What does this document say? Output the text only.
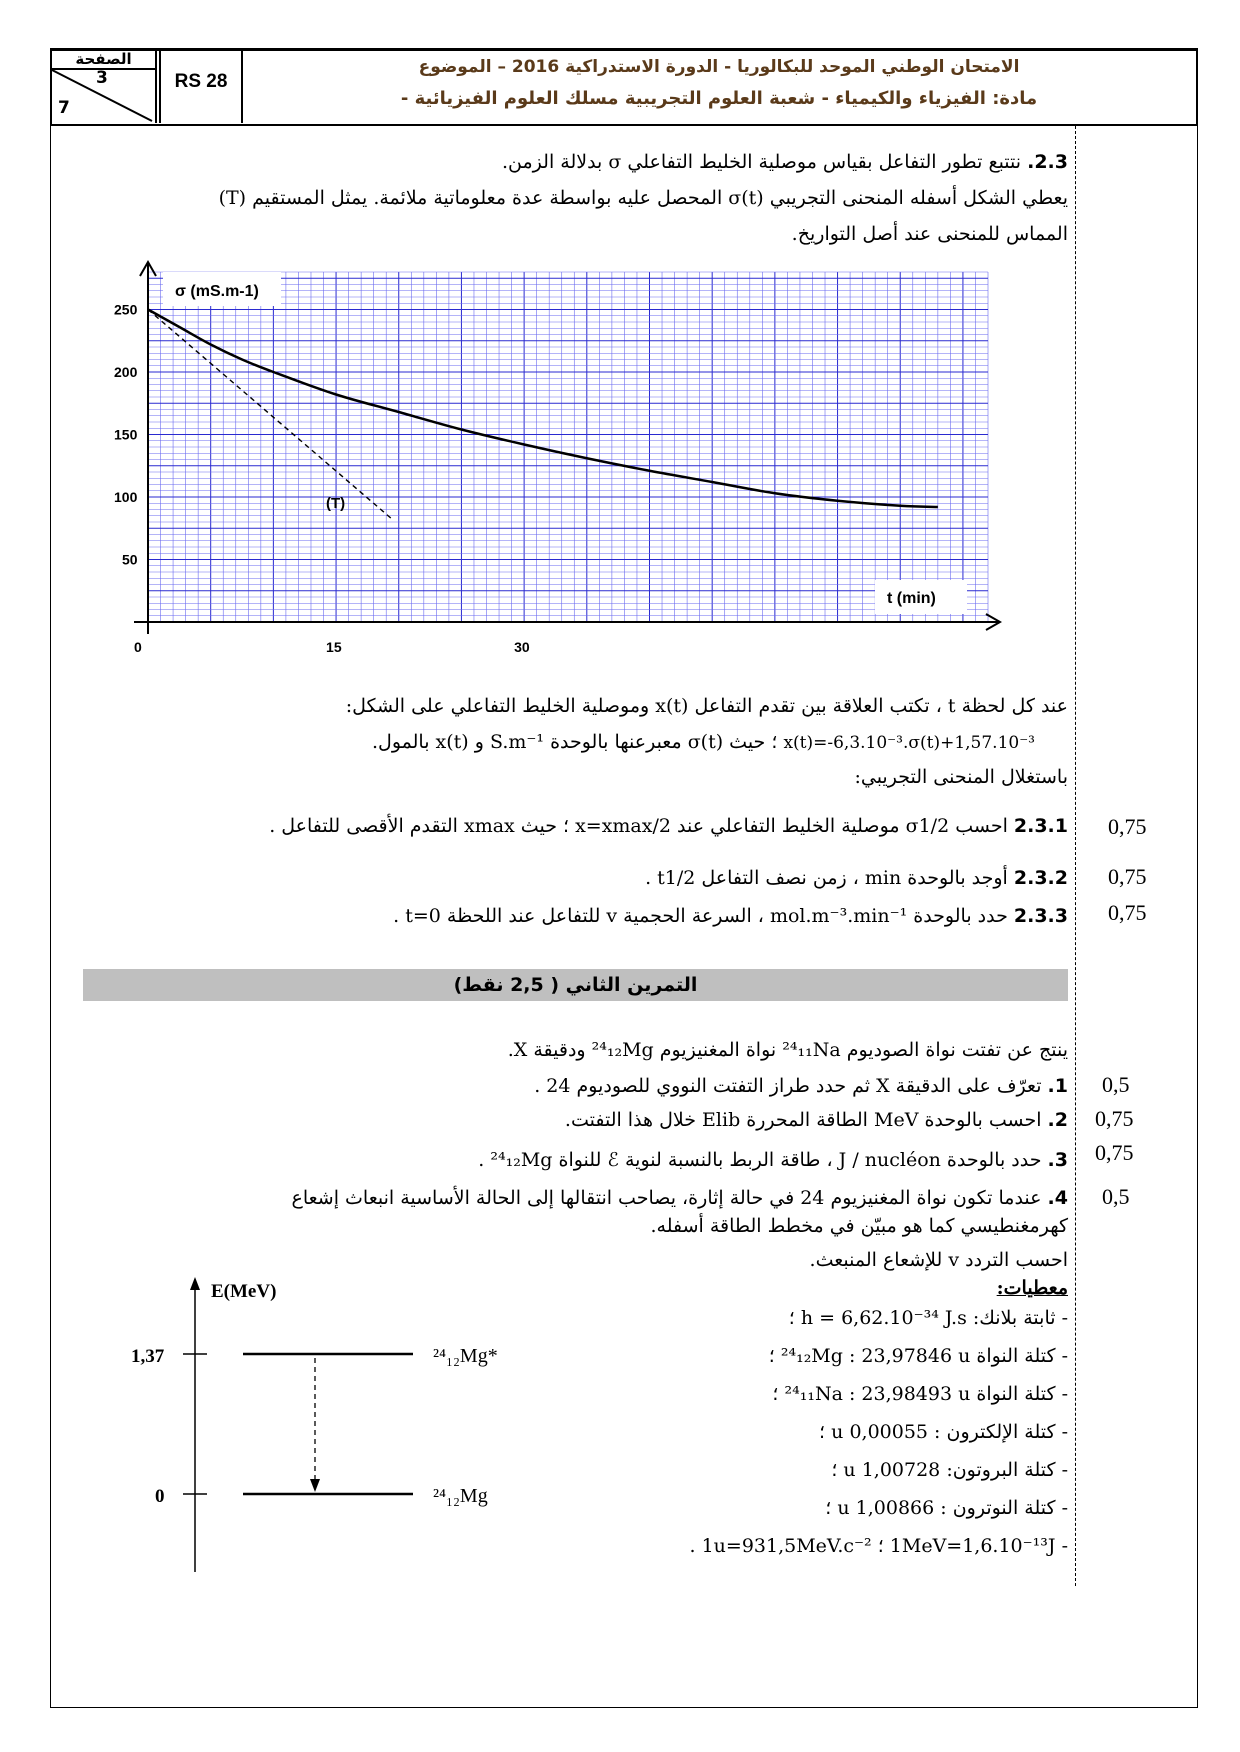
الصفحة
3
7
RS 28
الامتحان الوطني الموحد للبكالوريا - الدورة الاستدراكية 2016 – الموضوع
- مادة: الفيزياء والكيمياء - شعبة العلوم التجريبية مسلك العلوم الفيزيائية
2.3. نتتبع تطور التفاعل بقياس موصلية الخليط التفاعلي σ بدلالة الزمن.
يعطي الشكل أسفله المنحنى التجريبي σ(t) المحصل عليه بواسطة عدة معلوماتية ملائمة. يمثل المستقيم (T)
المماس للمنحنى عند أصل التواريخ.
0	15	30
50
100
150
200
250
σ (mS.m-1)
t (min)
(T)
عند كل لحظة t ، تكتب العلاقة بين تقدم التفاعل x(t) وموصلية الخليط التفاعلي على الشكل:
x(t)=-6,3.10⁻³.σ(t)+1,57.10⁻³ ؛ حيث σ(t) معبرعنها بالوحدة S.m⁻¹ و x(t) بالمول.
باستغلال المنحنى التجريبي:
2.3.1 احسب σ1/2 موصلية الخليط التفاعلي عند x=xmax/2 ؛ حيث xmax التقدم الأقصى للتفاعل .	0,75
2.3.2 أوجد بالوحدة min ، زمن نصف التفاعل t1/2 .	0,75
2.3.3 حدد بالوحدة mol.m⁻³.min⁻¹ ، السرعة الحجمية v للتفاعل عند اللحظة t=0 .	0,75
التمرين الثاني ( 2,5 نقط)
ينتج عن تفتت نواة الصوديوم ²⁴₁₁Na نواة المغنيزيوم ²⁴₁₂Mg ودقيقة X.
1. تعرّف على الدقيقة X ثم حدد طراز التفتت النووي للصوديوم 24 .	0,5
2. احسب بالوحدة MeV الطاقة المحررة Elib خلال هذا التفتت.	0,75
3. حدد بالوحدة J / nucléon ، طاقة الربط بالنسبة لنوية ℰ للنواة ²⁴₁₂Mg .	0,75
4. عندما تكون نواة المغنيزيوم 24 في حالة إثارة، يصاحب انتقالها إلى الحالة الأساسية انبعاث إشعاع	0,5
كهرمغنطيسي كما هو مبيّن في مخطط الطاقة أسفله.
احسب التردد v للإشعاع المنبعث.
معطيات:
- ثابتة بلانك: h = 6,62.10⁻³⁴ J.s ؛
- كتلة النواة ²⁴₁₂Mg : 23,97846 u ؛
- كتلة النواة ²⁴₁₁Na : 23,98493 u ؛
- كتلة الإلكترون : 0,00055 u ؛
- كتلة البروتون: 1,00728 u ؛
- كتلة النوترون : 1,00866 u ؛
- 1MeV=1,6.10⁻¹³J ؛ 1u=931,5MeV.c⁻² .
E(MeV)
1,37	²⁴₁₂Mg*
0	²⁴₁₂Mg
